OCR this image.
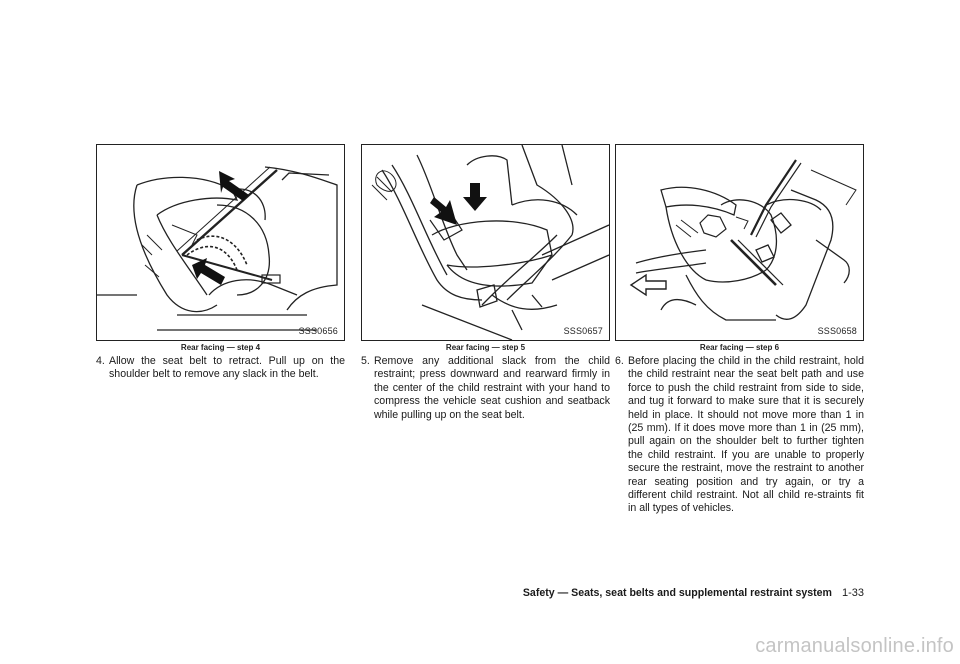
SSS0656
Rear facing — step 4
4. Allow the seat belt to retract. Pull up on the shoulder belt to remove any slack in the belt.
SSS0657
Rear facing — step 5
5. Remove any additional slack from the child restraint; press downward and rearward firmly in the center of the child restraint with your hand to compress the vehicle seat cushion and seatback while pulling up on the seat belt.
SSS0658
Rear facing — step 6
6. Before placing the child in the child restraint, hold the child restraint near the seat belt path and use force to push the child restraint from side to side, and tug it forward to make sure that it is securely held in place. It should not move more than 1 in (25 mm). If it does move more than 1 in (25 mm), pull again on the shoulder belt to further tighten the child restraint. If you are unable to properly secure the restraint, move the restraint to another rear seating position and try again, or try a different child restraint. Not all child re-straints fit in all types of vehicles.
Safety — Seats, seat belts and supplemental restraint system 1-33
carmanualsonline.info
